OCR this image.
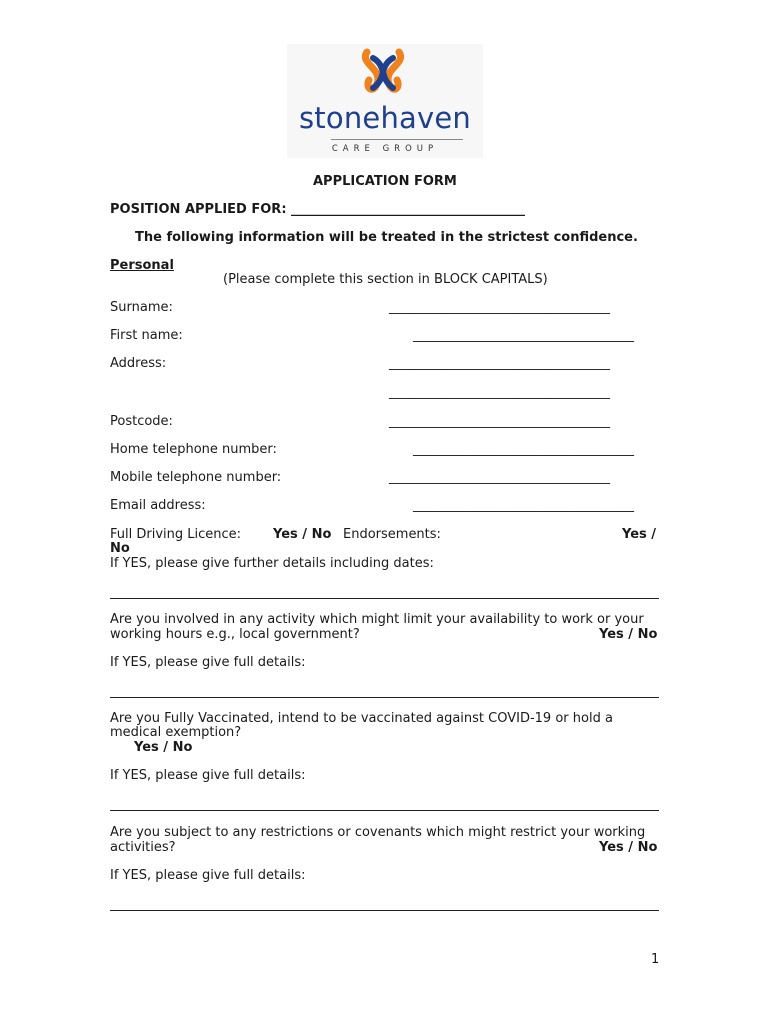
stonehaven
CARE GROUP
APPLICATION FORM
POSITION APPLIED FOR: ____________________________________
The following information will be treated in the strictest confidence.
Personal
(Please complete this section in BLOCK CAPITALS)
Surname:	__________________________________
First name:	__________________________________
Address:	__________________________________
__________________________________
Postcode:	__________________________________
Home telephone number:	__________________________________
Mobile telephone number:	__________________________________
Email address:	__________________________________
Full Driving Licence: Yes / No Endorsements:	Yes /
No
If YES, please give further details including dates:
Are you involved in any activity which might limit your availability to work or your
working hours e.g., local government?	Yes / No
If YES, please give full details:
Are you Fully Vaccinated, intend to be vaccinated against COVID-19 or hold a
medical exemption?
Yes / No
If YES, please give full details:
Are you subject to any restrictions or covenants which might restrict your working
activities?	Yes / No
If YES, please give full details:
1
